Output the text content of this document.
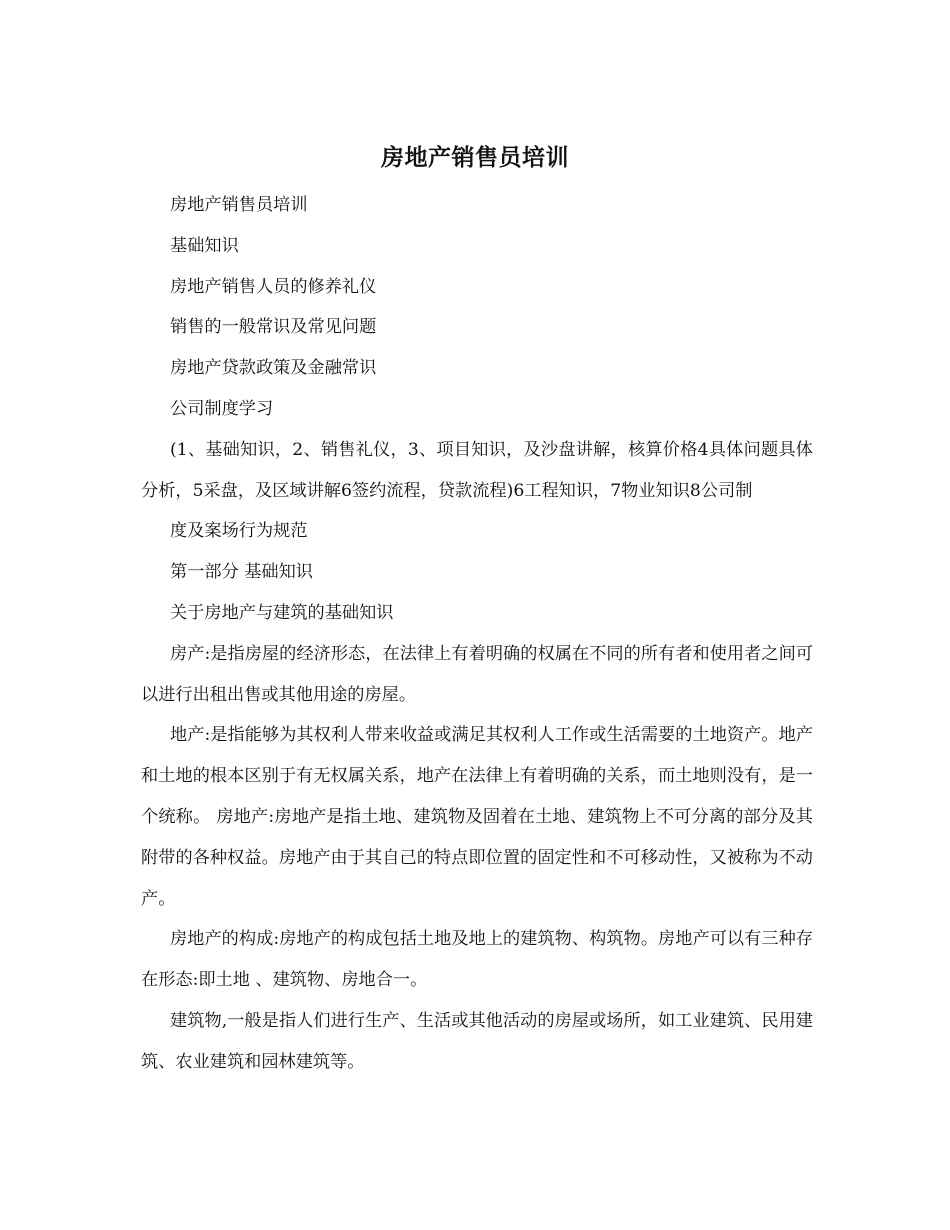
房地产销售员培训

房地产销售员培训

基础知识

房地产销售人员的修养礼仪

销售的一般常识及常见问题

房地产贷款政策及金融常识

公司制度学习

(1、基础知识，2、销售礼仪，3、项目知识，及沙盘讲解，核算价格4具体问题具体分析，5采盘，及区域讲解6签约流程，贷款流程)6工程知识，7物业知识8公司制

度及案场行为规范

第一部分 基础知识

关于房地产与建筑的基础知识

房产:是指房屋的经济形态，在法律上有着明确的权属在不同的所有者和使用者之间可以进行出租出售或其他用途的房屋。

地产:是指能够为其权利人带来收益或满足其权利人工作或生活需要的土地资产。地产和土地的根本区别于有无权属关系，地产在法律上有着明确的关系，而土地则没有，是一个统称。 房地产:房地产是指土地、建筑物及固着在土地、建筑物上不可分离的部分及其附带的各种权益。房地产由于其自己的特点即位置的固定性和不可移动性，又被称为不动产。

房地产的构成:房地产的构成包括土地及地上的建筑物、构筑物。房地产可以有三种存在形态:即土地 、建筑物、房地合一。

建筑物,一般是指人们进行生产、生活或其他活动的房屋或场所，如工业建筑、民用建筑、农业建筑和园林建筑等。
